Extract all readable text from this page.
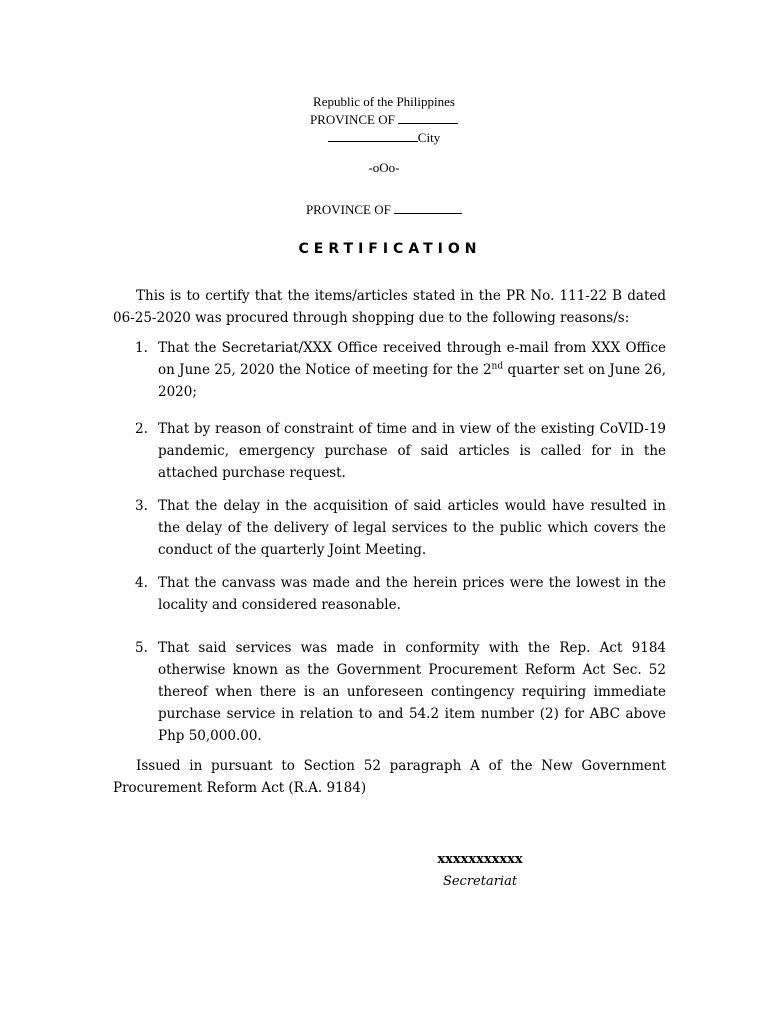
Republic of the Philippines
PROVINCE OF
City
-oOo-
PROVINCE OF
CERTIFICATION

This is to certify that the items/articles stated in the PR No. 111-22 B dated 06-25-2020 was procured through shopping due to the following reasons/s:

1. That the Secretariat/XXX Office received through e-mail from XXX Office on June 25, 2020 the Notice of meeting for the 2nd quarter set on June 26, 2020;
2. That by reason of constraint of time and in view of the existing CoVID-19 pandemic, emergency purchase of said articles is called for in the attached purchase request.
3. That the delay in the acquisition of said articles would have resulted in the delay of the delivery of legal services to the public which covers the conduct of the quarterly Joint Meeting.
4. That the canvass was made and the herein prices were the lowest in the locality and considered reasonable.
5. That said services was made in conformity with the Rep. Act 9184 otherwise known as the Government Procurement Reform Act Sec. 52 thereof when there is an unforeseen contingency requiring immediate purchase service in relation to and 54.2 item number (2) for ABC above Php 50,000.00.

Issued in pursuant to Section 52 paragraph A of the New Government Procurement Reform Act (R.A. 9184)

xxxxxxxxxxx
Secretariat
